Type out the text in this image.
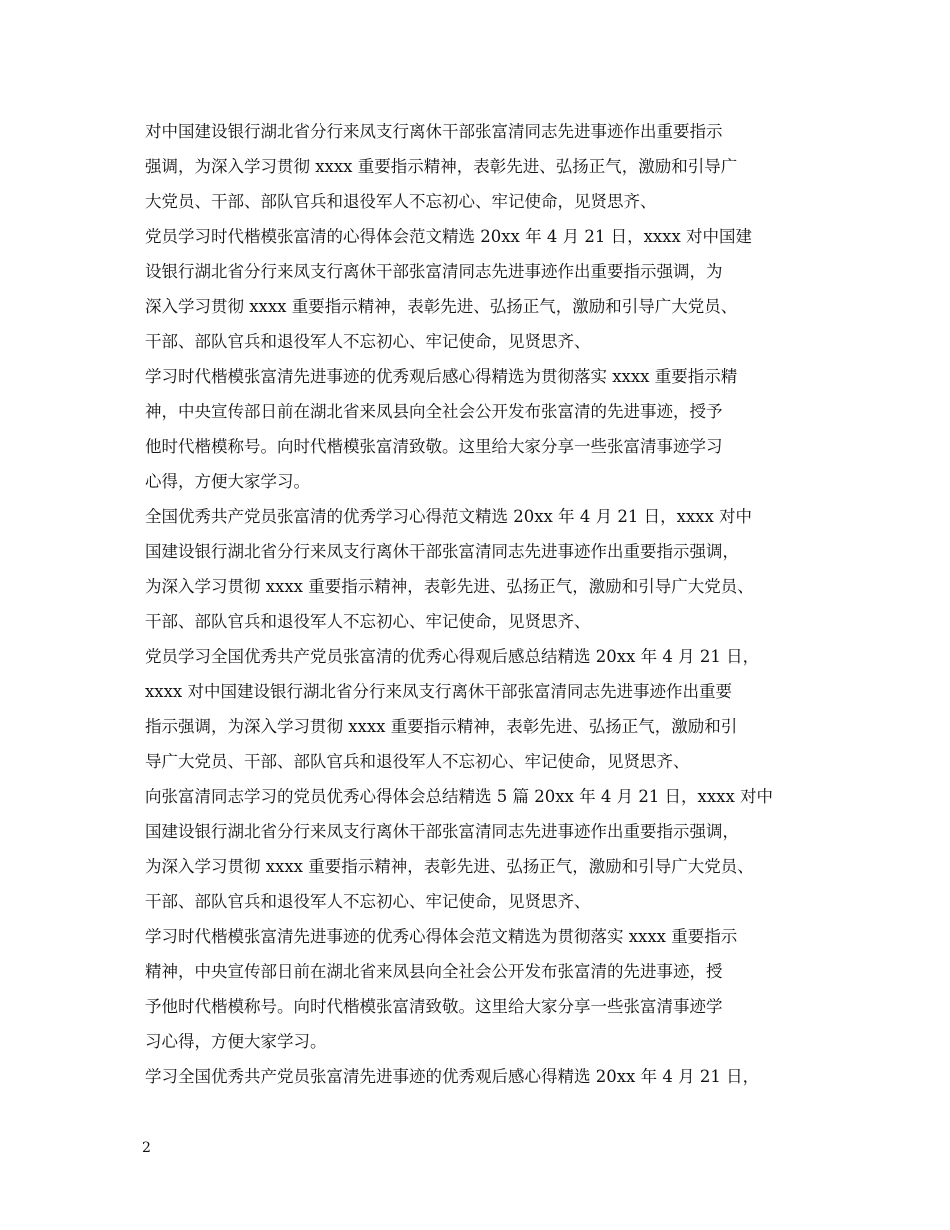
对中国建设银行湖北省分行来凤支行离休干部张富清同志先进事迹作出重要指示
强调，为深入学习贯彻 xxxx 重要指示精神，表彰先进、弘扬正气，激励和引导广
大党员、干部、部队官兵和退役军人不忘初心、牢记使命，见贤思齐、

党员学习时代楷模张富清的心得体会范文精选 20xx 年 4 月 21 日，xxxx 对中国建
设银行湖北省分行来凤支行离休干部张富清同志先进事迹作出重要指示强调，为
深入学习贯彻 xxxx 重要指示精神，表彰先进、弘扬正气，激励和引导广大党员、
干部、部队官兵和退役军人不忘初心、牢记使命，见贤思齐、

学习时代楷模张富清先进事迹的优秀观后感心得精选为贯彻落实 xxxx 重要指示精
神，中央宣传部日前在湖北省来凤县向全社会公开发布张富清的先进事迹，授予
他时代楷模称号。向时代楷模张富清致敬。这里给大家分享一些张富清事迹学习
心得，方便大家学习。

全国优秀共产党员张富清的优秀学习心得范文精选 20xx 年 4 月 21 日，xxxx 对中
国建设银行湖北省分行来凤支行离休干部张富清同志先进事迹作出重要指示强调，
为深入学习贯彻 xxxx 重要指示精神，表彰先进、弘扬正气，激励和引导广大党员、
干部、部队官兵和退役军人不忘初心、牢记使命，见贤思齐、

党员学习全国优秀共产党员张富清的优秀心得观后感总结精选 20xx 年 4 月 21 日，
xxxx 对中国建设银行湖北省分行来凤支行离休干部张富清同志先进事迹作出重要
指示强调，为深入学习贯彻 xxxx 重要指示精神，表彰先进、弘扬正气，激励和引
导广大党员、干部、部队官兵和退役军人不忘初心、牢记使命，见贤思齐、

向张富清同志学习的党员优秀心得体会总结精选 5 篇 20xx 年 4 月 21 日，xxxx 对中
国建设银行湖北省分行来凤支行离休干部张富清同志先进事迹作出重要指示强调，
为深入学习贯彻 xxxx 重要指示精神，表彰先进、弘扬正气，激励和引导广大党员、
干部、部队官兵和退役军人不忘初心、牢记使命，见贤思齐、

学习时代楷模张富清先进事迹的优秀心得体会范文精选为贯彻落实 xxxx 重要指示
精神，中央宣传部日前在湖北省来凤县向全社会公开发布张富清的先进事迹，授
予他时代楷模称号。向时代楷模张富清致敬。这里给大家分享一些张富清事迹学
习心得，方便大家学习。

学习全国优秀共产党员张富清先进事迹的优秀观后感心得精选 20xx 年 4 月 21 日，

2
